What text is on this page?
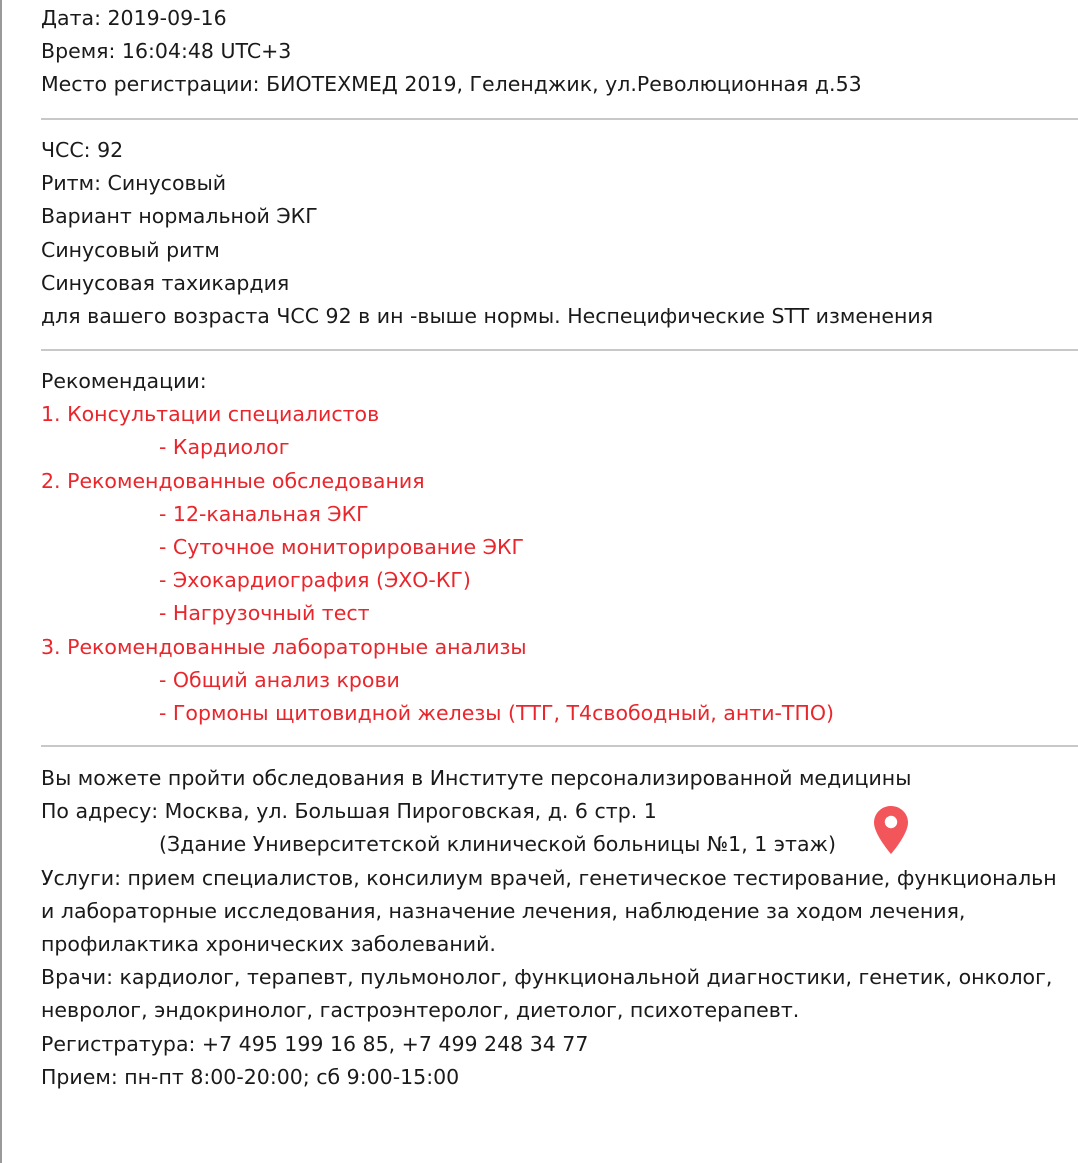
Дата: 2019-09-16
Время: 16:04:48 UTC+3
Место регистрации: БИОТЕХМЕД 2019, Геленджик, ул.Революционная д.53
ЧСС: 92
Ритм: Синусовый
Вариант нормальной ЭКГ
Синусовый ритм
Синусовая тахикардия
для вашего возраста ЧСС 92 в ин -выше нормы. Неспецифические STT изменения
Рекомендации:
1. Консультации специалистов
- Кардиолог
2. Рекомендованные обследования
- 12-канальная ЭКГ
- Суточное мониторирование ЭКГ
- Эхокардиография (ЭХО-КГ)
- Нагрузочный тест
3. Рекомендованные лабораторные анализы
- Общий анализ крови
- Гормоны щитовидной железы (ТТГ, Т4свободный, анти-ТПО)
Вы можете пройти обследования в Институте персонализированной медицины
По адресу: Москва, ул. Большая Пироговская, д. 6 стр. 1
(Здание Университетской клинической больницы №1, 1 этаж)
Услуги: прием специалистов, консилиум врачей, генетическое тестирование, функциональн
и лабораторные исследования, назначение лечения, наблюдение за ходом лечения,
профилактика хронических заболеваний.
Врачи: кардиолог, терапевт, пульмонолог, функциональной диагностики, генетик, онколог,
невролог, эндокринолог, гастроэнтеролог, диетолог, психотерапевт.
Регистратура: +7 495 199 16 85, +7 499 248 34 77
Прием: пн-пт 8:00-20:00; сб 9:00-15:00
